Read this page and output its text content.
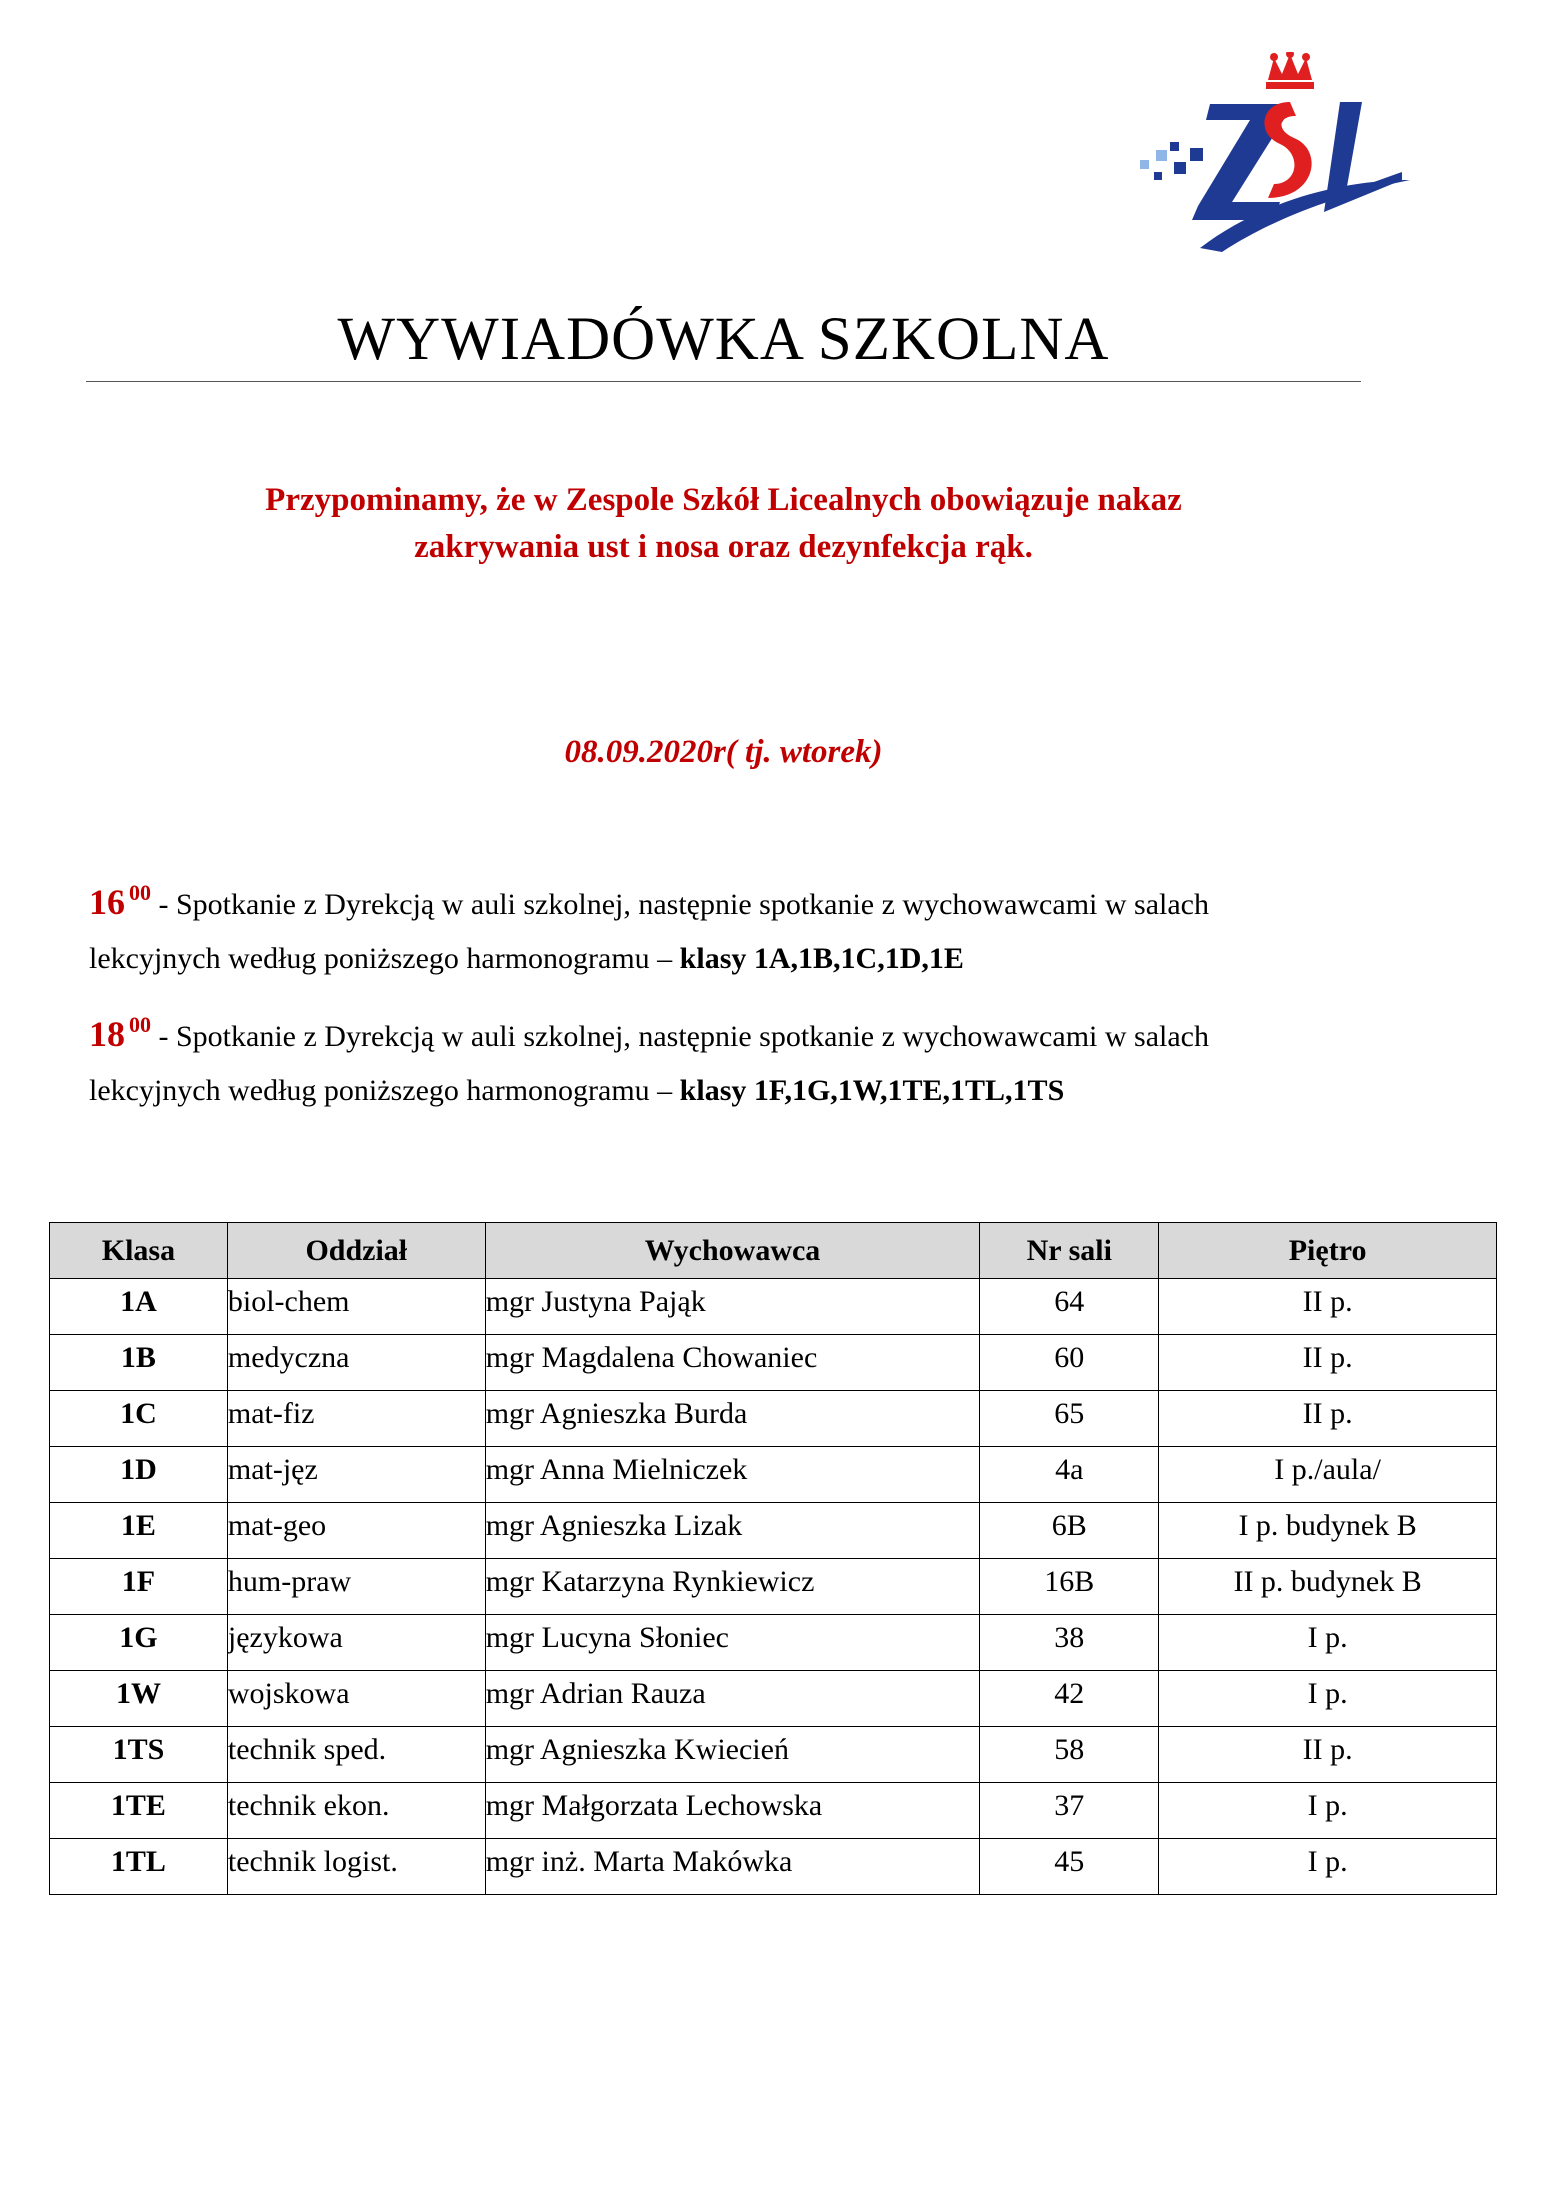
WYWIADÓWKA SZKOLNA
Przypominamy, że w Zespole Szkół Licealnych obowiązuje nakaz
zakrywania ust i nosa oraz dezynfekcja rąk.
08.09.2020r( tj. wtorek)
16 $^{00}$ - Spotkanie z Dyrekcją w auli szkolnej, następnie spotkanie z wychowawcami w salach
lekcyjnych według poniższego harmonogramu – klasy 1A,1B,1C,1D,1E
18 $^{00}$ - Spotkanie z Dyrekcją w auli szkolnej, następnie spotkanie z wychowawcami w salach
lekcyjnych według poniższego harmonogramu – klasy 1F,1G,1W,1TE,1TL,1TS
Klasa	Oddział	Wychowawca	Nr sali	Piętro
1A	biol-chem	mgr Justyna Pająk	64	II p.
1B	medyczna	mgr Magdalena Chowaniec	60	II p.
1C	mat-fiz	mgr Agnieszka Burda	65	II p.
1D	mat-jęz	mgr Anna Mielniczek	4a	I p./aula/
1E	mat-geo	mgr Agnieszka Lizak	6B	I p. budynek B
1F	hum-praw	mgr Katarzyna Rynkiewicz	16B	II p. budynek B
1G	językowa	mgr Lucyna Słoniec	38	I p.
1W	wojskowa	mgr Adrian Rauza	42	I p.
1TS	technik sped.	mgr Agnieszka Kwiecień	58	II p.
1TE	technik ekon.	mgr Małgorzata Lechowska	37	I p.
1TL	technik logist.	mgr inż. Marta Makówka	45	I p.
